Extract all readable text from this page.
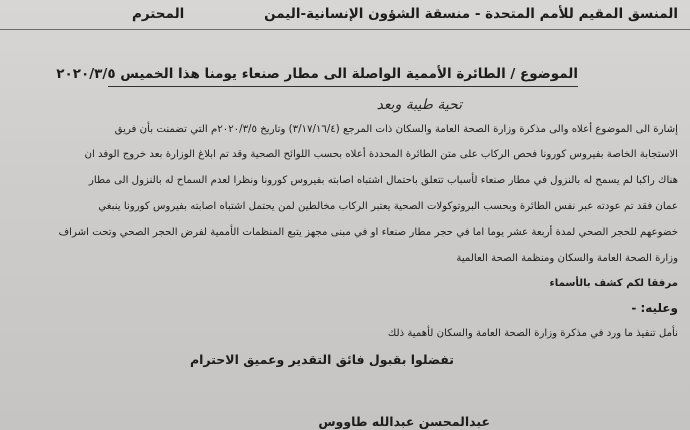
المنسق المقيم للأمم المتحدة - منسقة الشؤون الإنسانية-اليمن
المحترم
الموضوع / الطائرة الأممية الواصلة الى مطار صنعاء يومنا هذا الخميس ٢٠٢٠/٣/٥
تحية طيبة وبعد
إشارة الى الموضوع أعلاه والى مذكرة وزارة الصحة العامة والسكان ذات المرجع (٣/١٧/١٦/٤) وتاريخ ٢٠٢٠/٣/٥م التي تضمنت بأن فريق
الاستجابة الخاصة بفيروس كورونا فحص الركاب على متن الطائرة المحددة أعلاه بحسب اللوائح الصحية وقد تم ابلاغ الوزارة بعد خروج الوفد ان
هناك راكبا لم يسمح له بالنزول في مطار صنعاء لأسباب تتعلق باحتمال اشتباه اصابته بفيروس كورونا ونظرا لعدم السماح له بالنزول الى مطار
عمان فقد تم عودته عبر نفس الطائرة وبحسب البروتوكولات الصحية يعتبر الركاب مخالطين لمن يحتمل اشتباه اصابته بفيروس كورونا ينبغي
خضوعهم للحجر الصحي لمدة أربعة عشر يوما اما في حجر مطار صنعاء او في مبنى مجهز يتبع المنظمات الأممية لفرض الحجر الصحي وتحت اشراف
وزارة الصحة العامة والسكان ومنظمة الصحة العالمية
مرفقا لكم كشف بالأسماء
وعليه: -
نأمل تنفيذ ما ورد في مذكرة وزارة الصحة العامة والسكان لأهمية ذلك
تفضلوا بقبول فائق التقدير وعميق الاحترام
عبدالمحسن عبدالله طاووس
